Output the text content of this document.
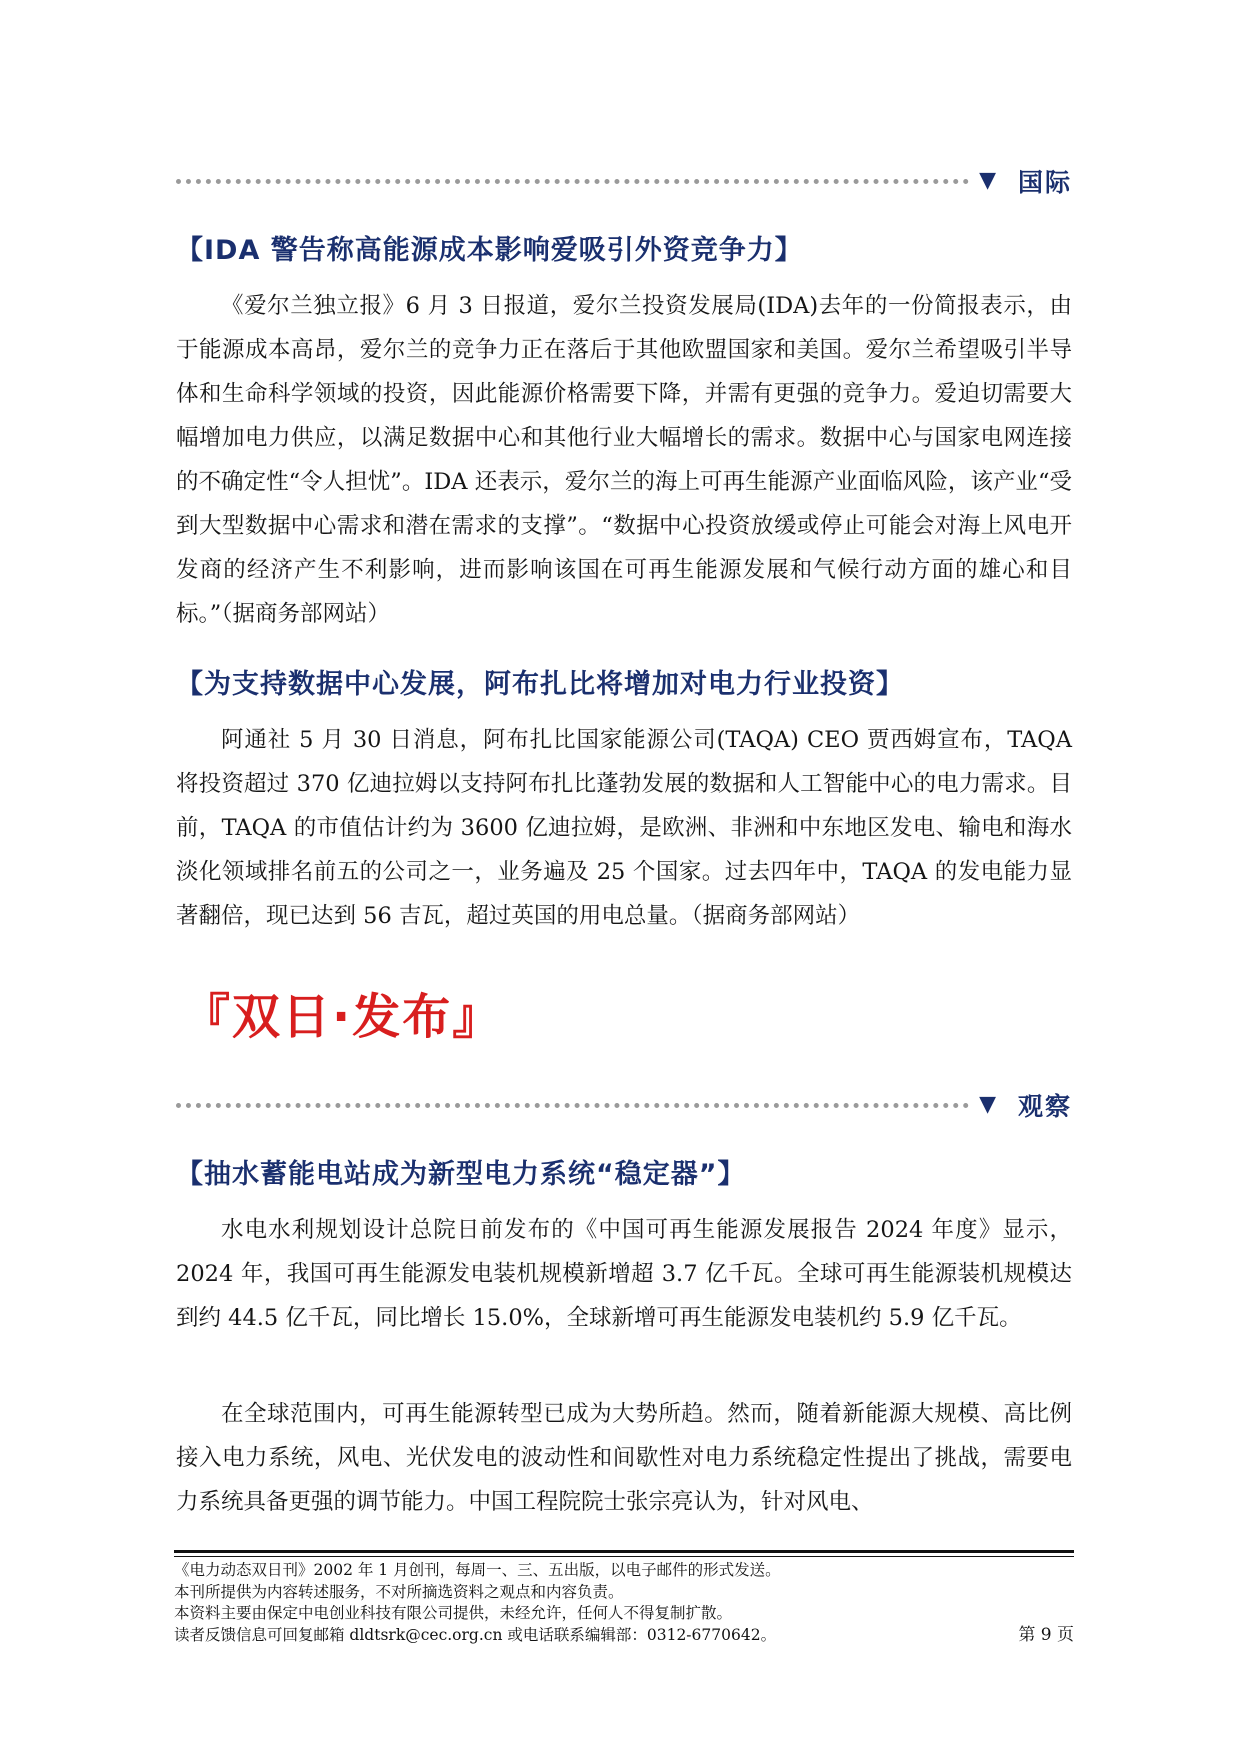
▼ 国际
【IDA 警告称高能源成本影响爱吸引外资竞争力】

《爱尔兰独立报》6 月 3 日报道，爱尔兰投资发展局(IDA)去年的一份简报表示，由于能源成本高昂，爱尔兰的竞争力正在落后于其他欧盟国家和美国。爱尔兰希望吸引半导体和生命科学领域的投资，因此能源价格需要下降，并需有更强的竞争力。爱迫切需要大幅增加电力供应，以满足数据中心和其他行业大幅增长的需求。数据中心与国家电网连接的不确定性“令人担忧”。IDA 还表示，爱尔兰的海上可再生能源产业面临风险，该产业“受到大型数据中心需求和潜在需求的支撑”。“数据中心投资放缓或停止可能会对海上风电开发商的经济产生不利影响，进而影响该国在可再生能源发展和气候行动方面的雄心和目标。”（据商务部网站）

【为支持数据中心发展，阿布扎比将增加对电力行业投资】

阿通社 5 月 30 日消息，阿布扎比国家能源公司(TAQA) CEO 贾西姆宣布，TAQA 将投资超过 370 亿迪拉姆以支持阿布扎比蓬勃发展的数据和人工智能中心的电力需求。目前，TAQA 的市值估计约为 3600 亿迪拉姆，是欧洲、非洲和中东地区发电、输电和海水淡化领域排名前五的公司之一，业务遍及 25 个国家。过去四年中，TAQA 的发电能力显著翻倍，现已达到 56 吉瓦，超过英国的用电总量。（据商务部网站）

『双日·发布』
▼ 观察
【抽水蓄能电站成为新型电力系统“稳定器”】

水电水利规划设计总院日前发布的《中国可再生能源发展报告 2024 年度》显示，2024 年，我国可再生能源发电装机规模新增超 3.7 亿千瓦。全球可再生能源装机规模达到约 44.5 亿千瓦，同比增长 15.0%，全球新增可再生能源发电装机约 5.9 亿千瓦。

在全球范围内，可再生能源转型已成为大势所趋。然而，随着新能源大规模、高比例接入电力系统，风电、光伏发电的波动性和间歇性对电力系统稳定性提出了挑战，需要电力系统具备更强的调节能力。中国工程院院士张宗亮认为，针对风电、

《电力动态双日刊》2002 年 1 月创刊，每周一、三、五出版，以电子邮件的形式发送。
本刊所提供为内容转述服务，不对所摘选资料之观点和内容负责。
本资料主要由保定中电创业科技有限公司提供，未经允许，任何人不得复制扩散。
读者反馈信息可回复邮箱 dldtsrk@cec.org.cn 或电话联系编辑部：0312-6770642。	第 9 页
